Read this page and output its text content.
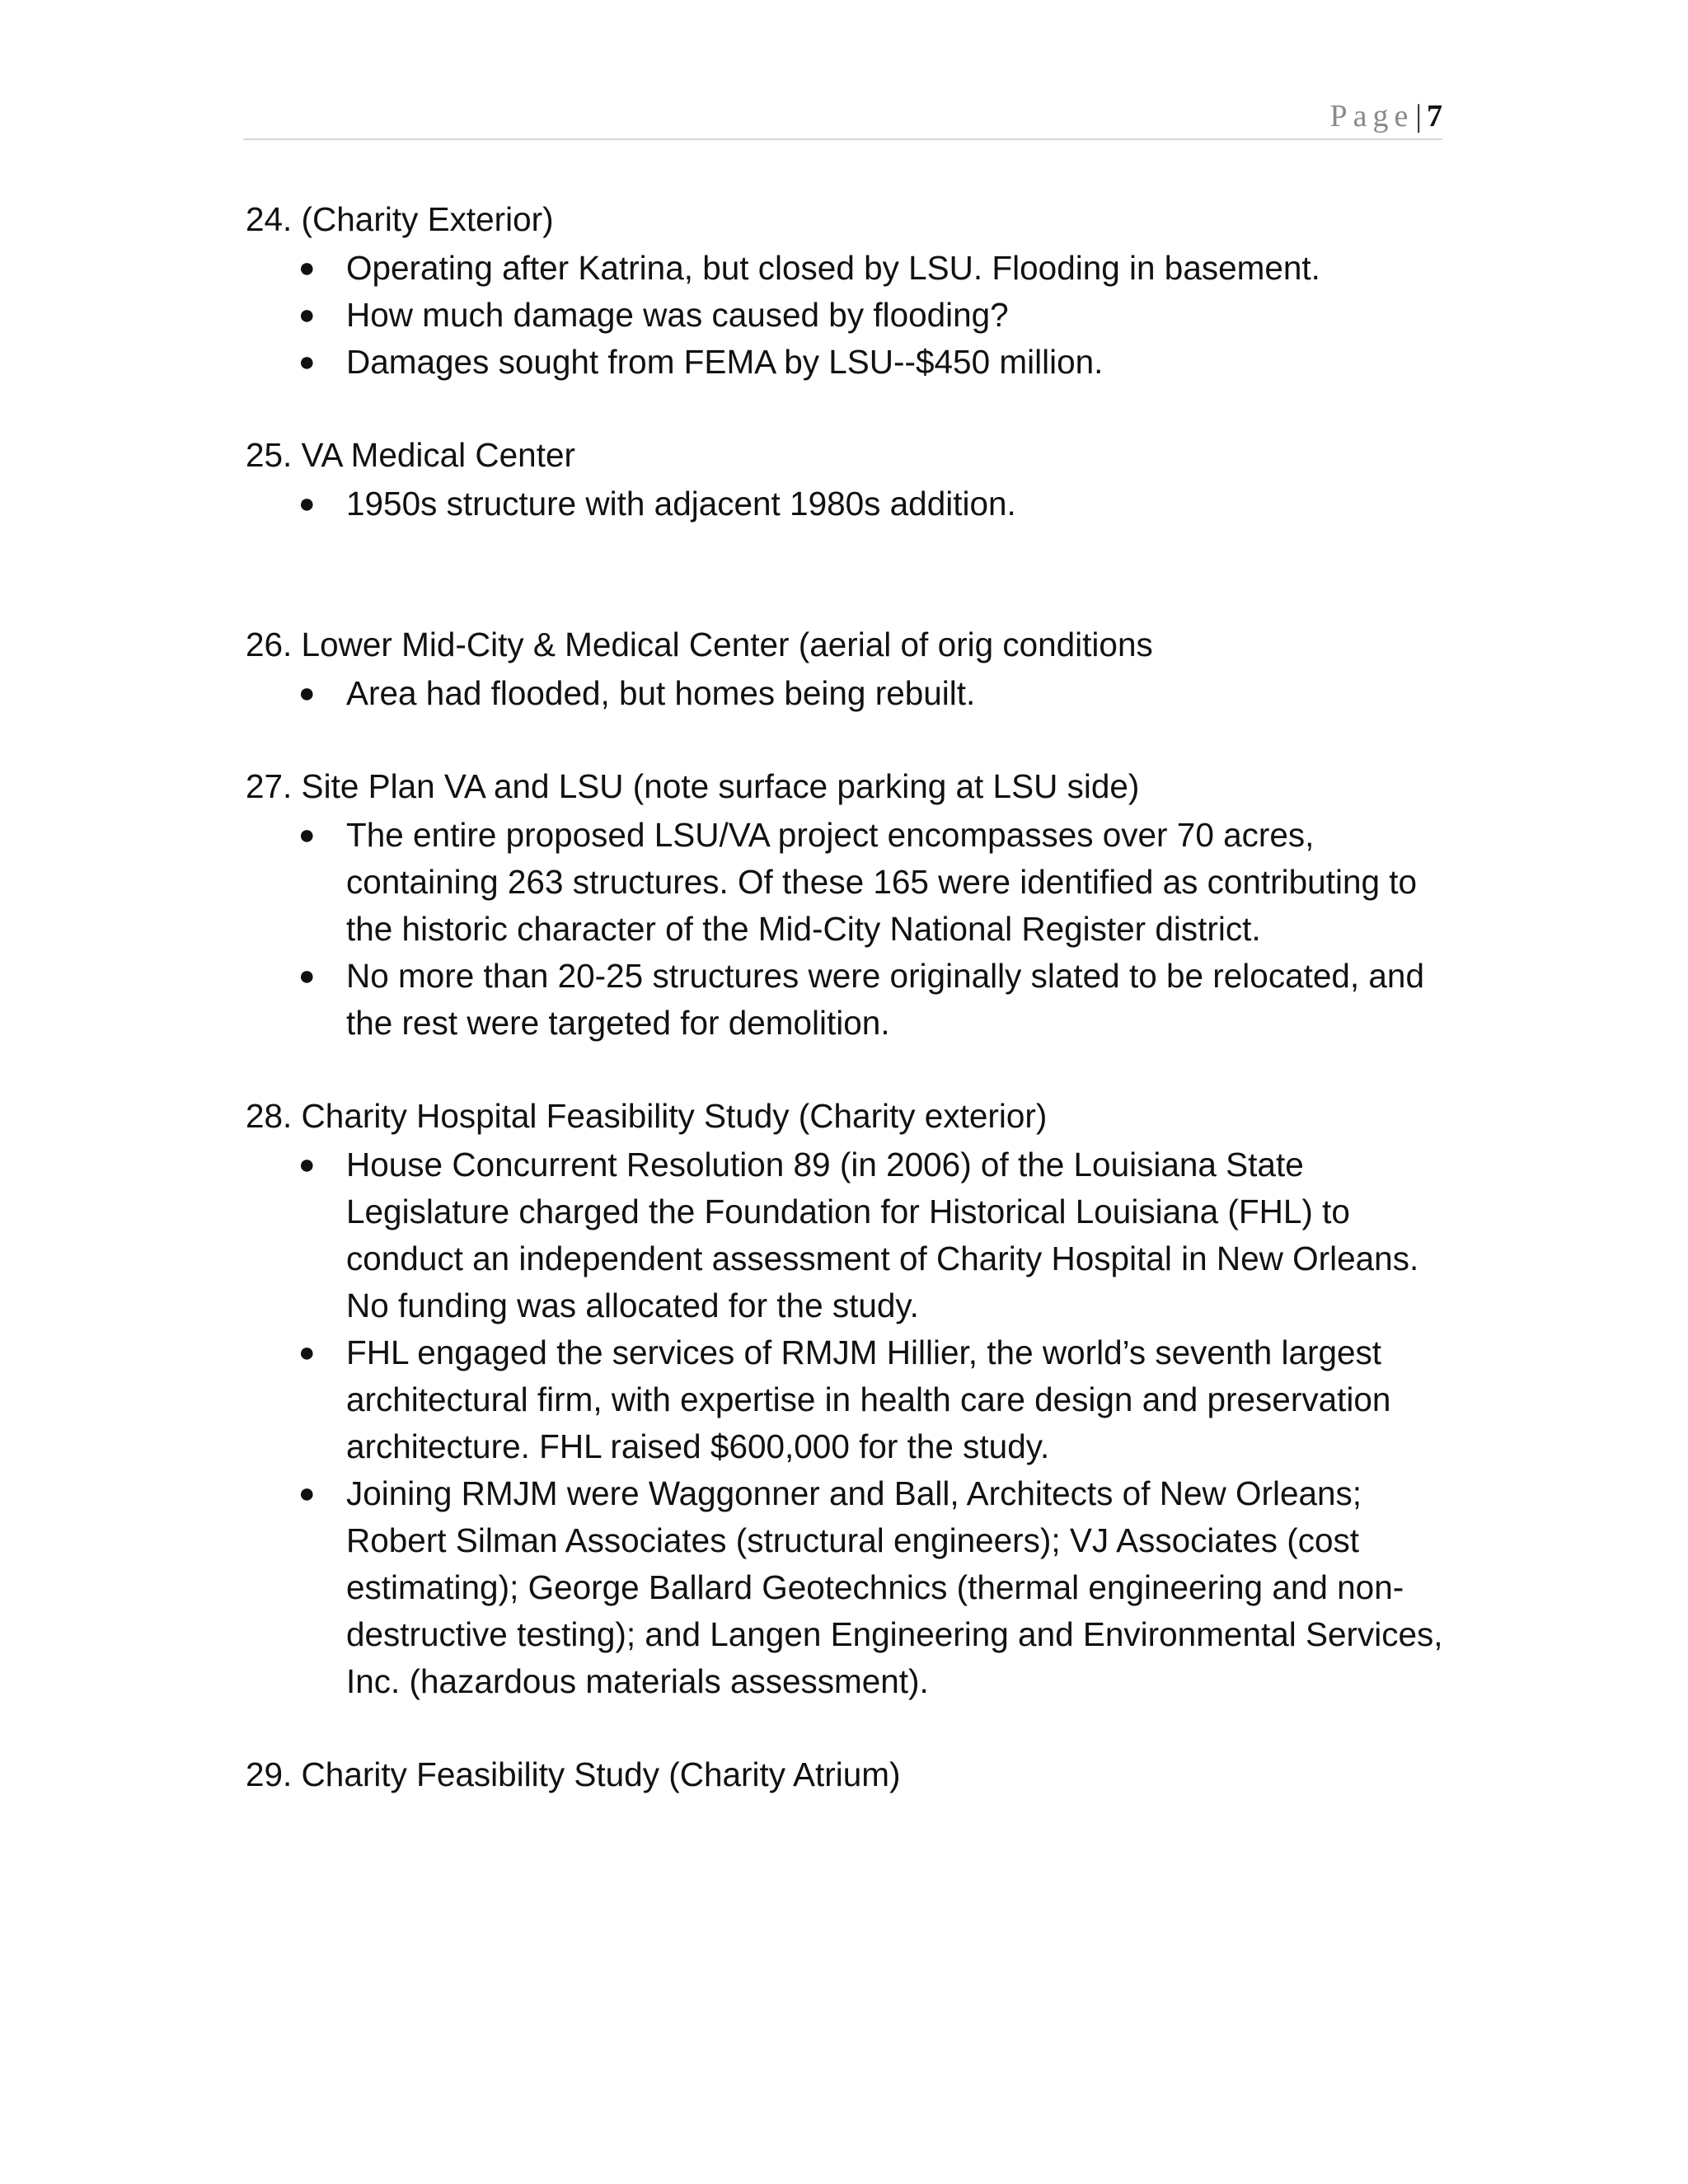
Page | 7

24. (Charity Exterior)

● Operating after Katrina, but closed by LSU. Flooding in basement.
● How much damage was caused by flooding?
● Damages sought from FEMA by LSU--$450 million.

25. VA Medical Center

● 1950s structure with adjacent 1980s addition.

26. Lower Mid-City & Medical Center (aerial of orig conditions

● Area had flooded, but homes being rebuilt.

27. Site Plan VA and LSU (note surface parking at LSU side)

● The entire proposed LSU/VA project encompasses over 70 acres, containing 263 structures. Of these 165 were identified as contributing to the historic character of the Mid-City National Register district.
● No more than 20-25 structures were originally slated to be relocated, and the rest were targeted for demolition.

28. Charity Hospital Feasibility Study (Charity exterior)

● House Concurrent Resolution 89 (in 2006) of the Louisiana State Legislature charged the Foundation for Historical Louisiana (FHL) to conduct an independent assessment of Charity Hospital in New Orleans. No funding was allocated for the study.
● FHL engaged the services of RMJM Hillier, the world’s seventh largest architectural firm, with expertise in health care design and preservation architecture. FHL raised $600,000 for the study.
● Joining RMJM were Waggonner and Ball, Architects of New Orleans; Robert Silman Associates (structural engineers); VJ Associates (cost estimating); George Ballard Geotechnics (thermal engineering and non-destructive testing); and Langen Engineering and Environmental Services, Inc. (hazardous materials assessment).

29. Charity Feasibility Study (Charity Atrium)
